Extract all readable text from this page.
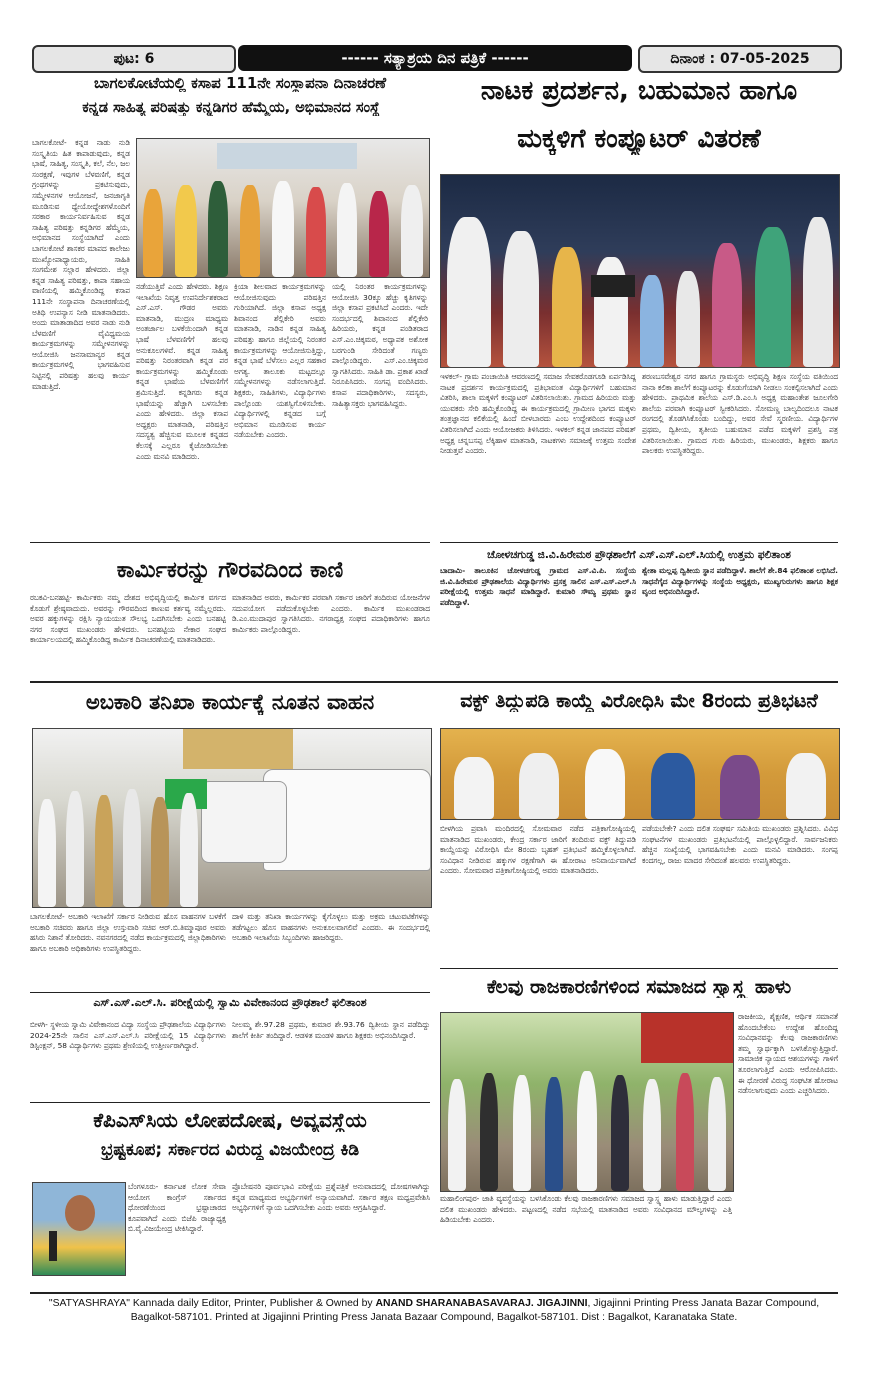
ಪುಟ: 6	------ ಸತ್ಯಾಶ್ರಯ ದಿನ ಪತ್ರಿಕೆ ------	ದಿನಾಂಕ : 07-05-2025
ಬಾಗಲಕೋಟೆಯಲ್ಲಿ ಕಸಾಪ 111ನೇ ಸಂಸ್ಥಾಪನಾ ದಿನಾಚರಣೆ
ಕನ್ನಡ ಸಾಹಿತ್ಯ ಪರಿಷತ್ತು ಕನ್ನಡಿಗರ ಹೆಮ್ಮೆಯ, ಅಭಿಮಾನದ ಸಂಸ್ಥೆ
ಬಾಗಲಕೋಟೆ- ಕನ್ನಡ ನಾಡು ನುಡಿ ಸಂಸ್ಕೃತಿಯ ಹಿತ ಕಾಪಾಡುವುದು, ಕನ್ನಡ ಭಾಷೆ, ಸಾಹಿತ್ಯ, ಸಂಸ್ಕೃತಿ, ಕಲೆ, ನೆಲ, ಜಲ ಸಂರಕ್ಷಣೆ, ಇವುಗಳ ಬೆಳವಣಿಗೆ, ಕನ್ನಡ ಗ್ರಂಥಗಳನ್ನು ಪ್ರಕಟಿಸುವುದು, ಸಮ್ಮೇಳನಗಳ ಆಯೋಜನೆ, ಜನಜಾಗೃತಿ ಮೂಡಿಸುವ ಧ್ಯೇಯೋದ್ದೇಶಗಳೊಂದಿಗೆ ಸರಕಾರ ಕಾರ್ಯನಿರ್ವಹಿಸುವ ಕನ್ನಡ ಸಾಹಿತ್ಯ ಪರಿಷತ್ತು ಕನ್ನಡಿಗರ ಹೆಮ್ಮೆಯ, ಅಭಿಮಾನದ ಸಂಸ್ಥೆಯಾಗಿದೆ ಎಂದು ಬಾಗಲಕೋಟೆ ಶಾಸಕರ ಮಾಪದ ಕಾಲೇಜು ಮುಖ್ಯೋಪಾಧ್ಯಾಯರು, ಸಾಹಿತಿ ಸಂಗಮೇಶ ಸಲ್ಲಾರ ಹೇಳಿದರು. ಜಿಲ್ಲಾ ಕನ್ನಡ ಸಾಹಿತ್ಯ ಪರಿಷತ್ತು, ಕಾಪಾ ಸಹಾಯ ವಾಣಿಯಲ್ಲಿ ಹಮ್ಮಿಕೊಂಡಿದ್ದ ಕಸಾಪ 111ನೇ ಸಂಸ್ಥಾಪನಾ ದಿನಾಚರಣೆಯಲ್ಲಿ ಅತಿಥಿ ಉಪನ್ಯಾಸ ನೀಡಿ ಮಾತನಾಡಿದರು. ಅಂದು ಮಾತಾಡಾದಿದ ಅವರ ನಾಡು ನುಡಿ ಬೆಳವಣಿಗೆ ವೈವಿಧ್ಯಮಯ ಕಾರ್ಯಕ್ರಮಗಳನ್ನು ಸಮ್ಮೇಳನಗಳನ್ನು ಆಯೋಜಿಸಿ ಜನಸಾಮಾನ್ಯರ ಕನ್ನಡ ಕಾರ್ಯಕ್ರಮಗಳಲ್ಲಿ ಭಾಗವಹಿಸುವ ನಿಟ್ಟಿನಲ್ಲಿ ಪರಿಷತ್ತು ಹಲವು ಕಾರ್ಯ ಮಾಡುತ್ತಿದೆ.
ನಡೆಯುತ್ತಿವೆ ಎಂದು ಹೇಳಿದರು. ಶಿಕ್ಷಣ ಇಲಾಖೆಯ ನಿವೃತ್ತ ಉಪನಿರ್ದೇಶಕರಾದ ಎಸ್.ಎಸ್. ಗೌಡರ ಅವರು ಮಾತನಾಡಿ, ಮುದ್ರಣ ಮಾಧ್ಯಮ ಅಂತರ್ಜಾಲ ಬಳಕೆಯಿಂದಾಗಿ ಕನ್ನಡ ಭಾಷೆ ಬೆಳವಣಿಗೆಗೆ ಹಲವು ಅನುಕೂಲಗಳಿವೆ. ಕನ್ನಡ ಸಾಹಿತ್ಯ ಪರಿಷತ್ತು ನಿರಂತರವಾಗಿ ಕನ್ನಡ ಪರ ಕಾರ್ಯಕ್ರಮಗಳನ್ನು ಹಮ್ಮಿಕೊಂಡು ಕನ್ನಡ ಭಾಷೆಯ ಬೆಳವಣಿಗೆಗೆ ಶ್ರಮಿಸುತ್ತಿದೆ. ಕನ್ನಡಿಗರು ಕನ್ನಡ ಭಾಷೆಯನ್ನು ಹೆಚ್ಚಾಗಿ ಬಳಸಬೇಕು ಎಂದು ಹೇಳಿದರು. ಜಿಲ್ಲಾ ಕಸಾಪ ಅಧ್ಯಕ್ಷರು ಮಾತನಾಡಿ, ಪರಿಷತ್ತಿನ ಸದಸ್ಯತ್ವ ಹೆಚ್ಚಿಸುವ ಮೂಲಕ ಕನ್ನಡದ ಕೆಲಸಕ್ಕೆ ಎಲ್ಲರೂ ಕೈಜೋಡಿಸಬೇಕು ಎಂದು ಮನವಿ ಮಾಡಿದರು.
ಕ್ರಿಯಾ ಶೀಲವಾದ ಕಾರ್ಯಕ್ರಮಗಳನ್ನು ಆಯೋಜಿಸುವುದು ಪರಿಷತ್ತಿನ ಗುರಿಯಾಗಿದೆ. ಜಿಲ್ಲಾ ಕಸಾಪ ಅಧ್ಯಕ್ಷ ಶಿವಾನಂದ ಶೆಲ್ಲಿಕೇರಿ ಅವರು ಮಾತನಾಡಿ, ನಾಡಿನ ಕನ್ನಡ ಸಾಹಿತ್ಯ ಪರಿಷತ್ತು ಹಾಗೂ ಜಿಲ್ಲೆಯಲ್ಲಿ ನಿರಂತರ ಕಾರ್ಯಕ್ರಮಗಳನ್ನು ಆಯೋಜಿಸುತ್ತಿದ್ದು, ಕನ್ನಡ ಭಾಷೆ ಬೆಳೆಸಲು ಎಲ್ಲರ ಸಹಕಾರ ಅಗತ್ಯ. ತಾಲೂಕು ಮಟ್ಟದಲ್ಲೂ ಸಮ್ಮೇಳನಗಳನ್ನು ನಡೆಸಲಾಗುತ್ತಿದೆ. ಶಿಕ್ಷಕರು, ಸಾಹಿತಿಗಳು, ವಿದ್ಯಾರ್ಥಿಗಳು ಪಾಲ್ಗೊಂಡು ಯಶಸ್ವಿಗೊಳಿಸಬೇಕು. ವಿದ್ಯಾರ್ಥಿಗಳಲ್ಲಿ ಕನ್ನಡದ ಬಗ್ಗೆ ಅಭಿಮಾನ ಮೂಡಿಸುವ ಕಾರ್ಯ ನಡೆಯಬೇಕು ಎಂದರು.
ಯಲ್ಲಿ ನಿರಂತರ ಕಾರ್ಯಕ್ರಮಗಳನ್ನು ಆಯೋಜಿಸಿ 30ಕ್ಕೂ ಹೆಚ್ಚು ಕೃತಿಗಳನ್ನು ಜಿಲ್ಲಾ ಕಸಾಪ ಪ್ರಕಟಿಸಿದೆ ಎಂದರು. ಇದೇ ಸಂದರ್ಭದಲ್ಲಿ ಶಿವಾನಂದ ಶೆಲ್ಲಿಕೇರಿ ಹಿರಿಯರು, ಕನ್ನಡ ಪಂಡಿತರಾದ ಎಸ್.ಎಂ.ಚಿಕ್ಕಮಠ, ಅಧ್ಯಾಪಕ ಅಶೋಕ ಬರಗುಂಡಿ ಸೇರಿದಂತೆ ಗಣ್ಯರು ಪಾಲ್ಗೊಂಡಿದ್ದರು. ಎಸ್.ಎಂ.ಚಿಕ್ಕಮಠ ಸ್ವಾಗತಿಸಿದರು. ಸಾಹಿತಿ ಡಾ. ಪ್ರಕಾಶ ಖಾಡೆ ನಿರೂಪಿಸಿದರು. ಸಂಗಪ್ಪ ವಂದಿಸಿದರು. ಕಸಾಪ ಪದಾಧಿಕಾರಿಗಳು, ಸದಸ್ಯರು, ಸಾಹಿತ್ಯಾಸಕ್ತರು ಭಾಗವಹಿಸಿದ್ದರು.
ನಾಟಕ ಪ್ರದರ್ಶನ, ಬಹುಮಾನ ಹಾಗೂ
ಮಕ್ಕಳಿಗೆ ಕಂಪ್ಯೂಟರ್ ವಿತರಣೆ
ಇಳಕಲ್- ಗ್ರಾಮ ಪಂಚಾಯಿತಿ ಆವರಣದಲ್ಲಿ ಸಮಾಜ ಸೇವಕರೊಡಗೂಡಿ ಏರ್ಪಡಿಸಿದ್ದ ನಾಟಕ ಪ್ರದರ್ಶನ ಕಾರ್ಯಕ್ರಮದಲ್ಲಿ ಪ್ರತಿಭಾವಂತ ವಿದ್ಯಾರ್ಥಿಗಳಿಗೆ ಬಹುಮಾನ ವಿತರಿಸಿ, ಶಾಲಾ ಮಕ್ಕಳಿಗೆ ಕಂಪ್ಯೂಟರ್ ವಿತರಿಸಲಾಯಿತು. ಗ್ರಾಮದ ಹಿರಿಯರು ಮತ್ತು ಯುವಕರು ಸೇರಿ ಹಮ್ಮಿಕೊಂಡಿದ್ದ ಈ ಕಾರ್ಯಕ್ರಮದಲ್ಲಿ ಗ್ರಾಮೀಣ ಭಾಗದ ಮಕ್ಕಳು ತಂತ್ರಜ್ಞಾನದ ಕಲಿಕೆಯಲ್ಲಿ ಹಿಂದೆ ಬೀಳಬಾರದು ಎಂಬ ಉದ್ದೇಶದಿಂದ ಕಂಪ್ಯೂಟರ್ ವಿತರಿಸಲಾಗಿದೆ ಎಂದು ಆಯೋಜಕರು ತಿಳಿಸಿದರು. ಇಳಕಲ್ ಕನ್ನಡ ಜಾನಪದ ಪರಿಷತ್ ಅಧ್ಯಕ್ಷ ಚನ್ನಬಸಪ್ಪ ಲೆಕ್ಕಿಹಾಳ ಮಾತನಾಡಿ, ನಾಟಕಗಳು ಸಮಾಜಕ್ಕೆ ಉತ್ತಮ ಸಂದೇಶ ನೀಡುತ್ತವೆ ಎಂದರು.
ಶರಣಬಸವೇಶ್ವರ ನಗರ ಹಾಗೂ ಗ್ರಾಮಸ್ಥರು ಅಭಿವೃದ್ಧಿ ಶಿಕ್ಷಣ ಸಂಸ್ಥೆಯ ವತಿಯಿಂದ ನಾನಾ ಕಲಿಕಾ ಶಾಲೆಗೆ ಕಂಪ್ಯೂಟರನ್ನು ಕೊಡುಗೆಯಾಗಿ ನೀಡಲು ಸಂಕಲ್ಪಿಸಲಾಗಿದೆ ಎಂದು ಹೇಳಿದರು. ಪ್ರಾಥಮಿಕ ಶಾಲೆಯ ಎಸ್.ಡಿ.ಎಂ.ಸಿ ಅಧ್ಯಕ್ಷ ಮಹಾಂತೇಶ ಜೂಲಗೇರಿ ಶಾಲೆಯ ಪರವಾಗಿ ಕಂಪ್ಯೂಟರ್ ಸ್ವೀಕರಿಸಿದರು. ಸೋಮಣ್ಣ ಬಾಲ್ಯದಿಂದಲೂ ನಾಟಕ ರಂಗದಲ್ಲಿ ತೊಡಗಿಸಿಕೊಂಡು ಬಂದಿದ್ದು, ಅವರ ಸೇವೆ ಸ್ಮರಣೀಯ. ವಿದ್ಯಾರ್ಥಿಗಳ ಪ್ರಥಮ, ದ್ವಿತೀಯ, ತೃತೀಯ ಬಹುಮಾನ ಪಡೆದ ಮಕ್ಕಳಿಗೆ ಪ್ರಶಸ್ತಿ ಪತ್ರ ವಿತರಿಸಲಾಯಿತು. ಗ್ರಾಮದ ಗುರು ಹಿರಿಯರು, ಮುಖಂಡರು, ಶಿಕ್ಷಕರು ಹಾಗೂ ಪಾಲಕರು ಉಪಸ್ಥಿತರಿದ್ದರು.
ಕಾರ್ಮಿಕರನ್ನು ಗೌರವದಿಂದ ಕಾಣಿ
ರಬಕವಿ-ಬನಹಟ್ಟಿ- ಕಾರ್ಮಿಕರು ನಮ್ಮ ದೇಶದ ಅಭಿವೃದ್ಧಿಯಲ್ಲಿ ಕಾರ್ಮಿಕ ವರ್ಗದ ಕೊಡುಗೆ ಶ್ರೇಷ್ಠವಾದುದು. ಅವರನ್ನು ಗೌರವದಿಂದ ಕಾಣುವ ಕರ್ತವ್ಯ ನಮ್ಮೆಲ್ಲರದು. ಅವರ ಹಕ್ಕುಗಳನ್ನು ರಕ್ಷಿಸಿ ನ್ಯಾಯಯುತ ಸೌಲಭ್ಯ ಒದಗಿಸಬೇಕು ಎಂದು ಬನಹಟ್ಟಿ ನಗರ ಸಂಘದ ಮುಖಂಡರು ಹೇಳಿದರು. ಬನಹಟ್ಟಿಯ ನೇಕಾರ ಸಂಘದ ಕಾರ್ಯಾಲಯದಲ್ಲಿ ಹಮ್ಮಿಕೊಂಡಿದ್ದ ಕಾರ್ಮಿಕ ದಿನಾಚರಣೆಯಲ್ಲಿ ಮಾತನಾಡಿದರು.
ಮಾತನಾಡಿದ ಅವರು, ಕಾರ್ಮಿಕರ ಪರವಾಗಿ ಸರ್ಕಾರ ಜಾರಿಗೆ ತಂದಿರುವ ಯೋಜನೆಗಳ ಸದುಪಯೋಗ ಪಡೆದುಕೊಳ್ಳಬೇಕು ಎಂದರು. ಕಾರ್ಮಿಕ ಮುಖಂಡರಾದ ಡಿ.ಎಂ.ಮುದಾಪುರ ಸ್ವಾಗತಿಸಿದರು. ನಗರಾಧ್ಯಕ್ಷ ಸಂಘದ ಪದಾಧಿಕಾರಿಗಳು ಹಾಗೂ ಕಾರ್ಮಿಕರು ಪಾಲ್ಗೊಂಡಿದ್ದರು.
ಚೋಳಚಗುಡ್ಡ ಜಿ.ವಿ.ಹಿರೇಮಠ ಪ್ರೌಢಶಾಲೆಗೆ ಎಸ್.ಎಸ್.ಎಲ್.ಸಿಯಲ್ಲಿ ಉತ್ತಮ ಫಲಿತಾಂಶ
ಬಾದಾಮಿ- ತಾಲೂಕಿನ ಚೋಳಚಗುಡ್ಡ ಗ್ರಾಮದ ಎಸ್.ವಿ.ಪಿ. ಸಂಸ್ಥೆಯ ಜಿ.ವಿ.ಹಿರೇಮಠ ಪ್ರೌಢಶಾಲೆಯ ವಿದ್ಯಾರ್ಥಿಗಳು ಪ್ರಸಕ್ತ ಸಾಲಿನ ಎಸ್.ಎಸ್.ಎಲ್.ಸಿ ಪರೀಕ್ಷೆಯಲ್ಲಿ ಉತ್ತಮ ಸಾಧನೆ ಮಾಡಿದ್ದಾರೆ. ಕುಮಾರಿ ಸೌಮ್ಯ ಪ್ರಥಮ ಸ್ಥಾನ ಪಡೆದಿದ್ದಾಳೆ.
ಶ್ವೇತಾ ಮಲ್ಲಪ್ಪ ದ್ವಿತೀಯ ಸ್ಥಾನ ಪಡೆದಿದ್ದಾಳೆ. ಶಾಲೆಗೆ ಶೇ.84 ಫಲಿತಾಂಶ ಲಭಿಸಿದೆ. ಸಾಧನೆಗೈದ ವಿದ್ಯಾರ್ಥಿಗಳನ್ನು ಸಂಸ್ಥೆಯ ಅಧ್ಯಕ್ಷರು, ಮುಖ್ಯಗುರುಗಳು ಹಾಗೂ ಶಿಕ್ಷಕ ವೃಂದ ಅಭಿನಂದಿಸಿದ್ದಾರೆ.
ಅಬಕಾರಿ ತನಿಖಾ ಕಾರ್ಯಕ್ಕೆ ನೂತನ ವಾಹನ
ಬಾಗಲಕೋಟೆ- ಅಬಕಾರಿ ಇಲಾಖೆಗೆ ಸರ್ಕಾರ ನೀಡಿರುವ ಹೊಸ ವಾಹನಗಳ ಬಳಕೆಗೆ ಅಬಕಾರಿ ಸಚಿವರು ಹಾಗೂ ಜಿಲ್ಲಾ ಉಸ್ತುವಾರಿ ಸಚಿವ ಆರ್.ಬಿ.ತಿಮ್ಮಾಪೂರ ಅವರು ಹಸಿರು ನಿಶಾನೆ ತೋರಿದರು. ನವನಗರದಲ್ಲಿ ನಡೆದ ಕಾರ್ಯಕ್ರಮದಲ್ಲಿ ಜಿಲ್ಲಾಧಿಕಾರಿಗಳು ಹಾಗೂ ಅಬಕಾರಿ ಅಧಿಕಾರಿಗಳು ಉಪಸ್ಥಿತರಿದ್ದರು.
ದಾಳಿ ಮತ್ತು ತನಿಖಾ ಕಾರ್ಯಗಳನ್ನು ಕೈಗೊಳ್ಳಲು ಮತ್ತು ಅಕ್ರಮ ಚಟುವಟಿಕೆಗಳನ್ನು ತಡೆಗಟ್ಟಲು ಹೊಸ ವಾಹನಗಳು ಅನುಕೂಲವಾಗಲಿವೆ ಎಂದರು. ಈ ಸಂದರ್ಭದಲ್ಲಿ ಅಬಕಾರಿ ಇಲಾಖೆಯ ಸಿಬ್ಬಂದಿಗಳು ಹಾಜರಿದ್ದರು.
ವಕ್ಫ್ ತಿದ್ದುಪಡಿ ಕಾಯ್ದೆ ವಿರೋಧಿಸಿ ಮೇ 8ರಂದು ಪ್ರತಿಭಟನೆ
ಬೀಳಗಿಯ ಪ್ರವಾಸಿ ಮಂದಿರದಲ್ಲಿ ಸೋಮವಾರ ನಡೆದ ಪತ್ರಿಕಾಗೋಷ್ಠಿಯಲ್ಲಿ ಮಾತನಾಡಿದ ಮುಖಂಡರು, ಕೇಂದ್ರ ಸರ್ಕಾರ ಜಾರಿಗೆ ತಂದಿರುವ ವಕ್ಫ್ ತಿದ್ದುಪಡಿ ಕಾಯ್ದೆಯನ್ನು ವಿರೋಧಿಸಿ ಮೇ 8ರಂದು ಬೃಹತ್ ಪ್ರತಿಭಟನೆ ಹಮ್ಮಿಕೊಳ್ಳಲಾಗಿದೆ. ಸಂವಿಧಾನ ನೀಡಿರುವ ಹಕ್ಕುಗಳ ರಕ್ಷಣೆಗಾಗಿ ಈ ಹೋರಾಟ ಅನಿವಾರ್ಯವಾಗಿದೆ ಎಂದರು. ಸೋಮವಾರ ಪತ್ರಿಕಾಗೋಷ್ಠಿಯಲ್ಲಿ ಅವರು ಮಾತನಾಡಿದರು.
ಪಡೆಯಬೇಕೇ? ಎಂದು ದಲಿತ ಸಂಘರ್ಷ ಸಮಿತಿಯ ಮುಖಂಡರು ಪ್ರಶ್ನಿಸಿದರು. ವಿವಿಧ ಸಂಘಟನೆಗಳ ಮುಖಂಡರು ಪ್ರತಿಭಟನೆಯಲ್ಲಿ ಪಾಲ್ಗೊಳ್ಳಲಿದ್ದಾರೆ. ಸಾರ್ವಜನಿಕರು ಹೆಚ್ಚಿನ ಸಂಖ್ಯೆಯಲ್ಲಿ ಭಾಗವಹಿಸಬೇಕು ಎಂದು ಮನವಿ ಮಾಡಿದರು. ಸಂಗಪ್ಪ ಕಂದಗಲ್ಲ, ರಾಜು ಮಾದರ ಸೇರಿದಂತೆ ಹಲವರು ಉಪಸ್ಥಿತರಿದ್ದರು.
ಎಸ್.ಎಸ್.ಎಲ್.ಸಿ. ಪರೀಕ್ಷೆಯಲ್ಲಿ ಸ್ವಾಮಿ ವಿವೇಕಾನಂದ ಪ್ರೌಢಶಾಲೆ ಫಲಿತಾಂಶ
ಬೀಳಗಿ- ಸ್ಥಳೀಯ ಸ್ವಾಮಿ ವಿವೇಕಾನಂದ ವಿದ್ಯಾ ಸಂಸ್ಥೆಯ ಪ್ರೌಢಶಾಲೆಯ ವಿದ್ಯಾರ್ಥಿಗಳು 2024-25ನೇ ಸಾಲಿನ ಎಸ್.ಎಸ್.ಎಲ್.ಸಿ ಪರೀಕ್ಷೆಯಲ್ಲಿ 15 ವಿದ್ಯಾರ್ಥಿಗಳು ಡಿಸ್ಟಿಂಕ್ಷನ್, 58 ವಿದ್ಯಾರ್ಥಿಗಳು ಪ್ರಥಮ ಶ್ರೇಣಿಯಲ್ಲಿ ಉತ್ತೀರ್ಣರಾಗಿದ್ದಾರೆ.
ನೀಲಮ್ಮ ಶೇ.97.28 ಪ್ರಥಮ, ಕುಮಾರ ಶೇ.93.76 ದ್ವಿತೀಯ ಸ್ಥಾನ ಪಡೆದಿದ್ದು ಶಾಲೆಗೆ ಕೀರ್ತಿ ತಂದಿದ್ದಾರೆ. ಆಡಳಿತ ಮಂಡಳಿ ಹಾಗೂ ಶಿಕ್ಷಕರು ಅಭಿನಂದಿಸಿದ್ದಾರೆ.
ಕೆಪಿಎಸ್‌ಸಿಯ ಲೋಪದೋಷ, ಅವ್ಯವಸ್ಥೆಯ
ಭ್ರಷ್ಟಕೂಪ; ಸರ್ಕಾರದ ವಿರುದ್ಧ ವಿಜಯೇಂದ್ರ ಕಿಡಿ
ಬೆಂಗಳೂರು- ಕರ್ನಾಟಕ ಲೋಕ ಸೇವಾ ಆಯೋಗ ಕಾಂಗ್ರೆಸ್ ಸರ್ಕಾರದ ಧೋರಣೆಯಿಂದ ಭ್ರಷ್ಟಾಚಾರದ ಕೂಪವಾಗಿದೆ ಎಂದು ಬಿಜೆಪಿ ರಾಜ್ಯಾಧ್ಯಕ್ಷ ಬಿ.ವೈ.ವಿಜಯೇಂದ್ರ ಟೀಕಿಸಿದ್ದಾರೆ.
ಪ್ರೊಬೇಷನರಿ ಪೂರ್ವಭಾವಿ ಪರೀಕ್ಷೆಯ ಪ್ರಶ್ನೆಪತ್ರಿಕೆ ಅನುವಾದದಲ್ಲಿ ದೋಷಗಳಾಗಿದ್ದು ಕನ್ನಡ ಮಾಧ್ಯಮದ ಅಭ್ಯರ್ಥಿಗಳಿಗೆ ಅನ್ಯಾಯವಾಗಿದೆ. ಸರ್ಕಾರ ತಕ್ಷಣ ಮಧ್ಯಪ್ರವೇಶಿಸಿ ಅಭ್ಯರ್ಥಿಗಳಿಗೆ ನ್ಯಾಯ ಒದಗಿಸಬೇಕು ಎಂದು ಅವರು ಆಗ್ರಹಿಸಿದ್ದಾರೆ.
ಕೆಲವು ರಾಜಕಾರಣಿಗಳಿಂದ ಸಮಾಜದ ಸ್ವಾಸ್ಥ್ಯ ಹಾಳು
ರಾಜಕೀಯ, ಶೈಕ್ಷಣಿಕ, ಆರ್ಥಿಕ ಸಮಾನತೆ ಹೊಂದಬೇಕೆಂಬ ಉದ್ದೇಶ ಹೊಂದಿದ್ದ ಸಂವಿಧಾನವನ್ನು ಕೆಲವು ರಾಜಕಾರಣಿಗಳು ತಮ್ಮ ಸ್ವಾರ್ಥಕ್ಕಾಗಿ ಬಳಸಿಕೊಳ್ಳುತ್ತಿದ್ದಾರೆ. ಸಾಮಾಜಿಕ ನ್ಯಾಯದ ಆಶಯಗಳನ್ನು ಗಾಳಿಗೆ ತೂರಲಾಗುತ್ತಿದೆ ಎಂದು ಆರೋಪಿಸಿದರು. ಈ ಧೋರಣೆ ವಿರುದ್ಧ ಸಂಘಟಿತ ಹೋರಾಟ ನಡೆಸಲಾಗುವುದು ಎಂದು ಎಚ್ಚರಿಸಿದರು.
ಮಹಾಲಿಂಗಪುರ- ಜಾತಿ ವ್ಯವಸ್ಥೆಯನ್ನು ಬಳಸಿಕೊಂಡು ಕೆಲವು ರಾಜಕಾರಣಿಗಳು ಸಮಾಜದ ಸ್ವಾಸ್ಥ್ಯ ಹಾಳು ಮಾಡುತ್ತಿದ್ದಾರೆ ಎಂದು ದಲಿತ ಮುಖಂಡರು ಹೇಳಿದರು. ಪಟ್ಟಣದಲ್ಲಿ ನಡೆದ ಸಭೆಯಲ್ಲಿ ಮಾತನಾಡಿದ ಅವರು ಸಂವಿಧಾನದ ಮೌಲ್ಯಗಳನ್ನು ಎತ್ತಿ ಹಿಡಿಯಬೇಕು ಎಂದರು.
"SATYASHRAYA" Kannada daily Editor, Printer, Publisher & Owned by ANAND SHARANABASAVARAJ. JIGAJINNI, Jigajinni Printing Press Janata Bazar Compound,
Bagalkot-587101. Printed at Jigajinni Printing Press Janata Bazaar Compound, Bagalkot-587101. Dist : Bagalkot, Karanataka State.
